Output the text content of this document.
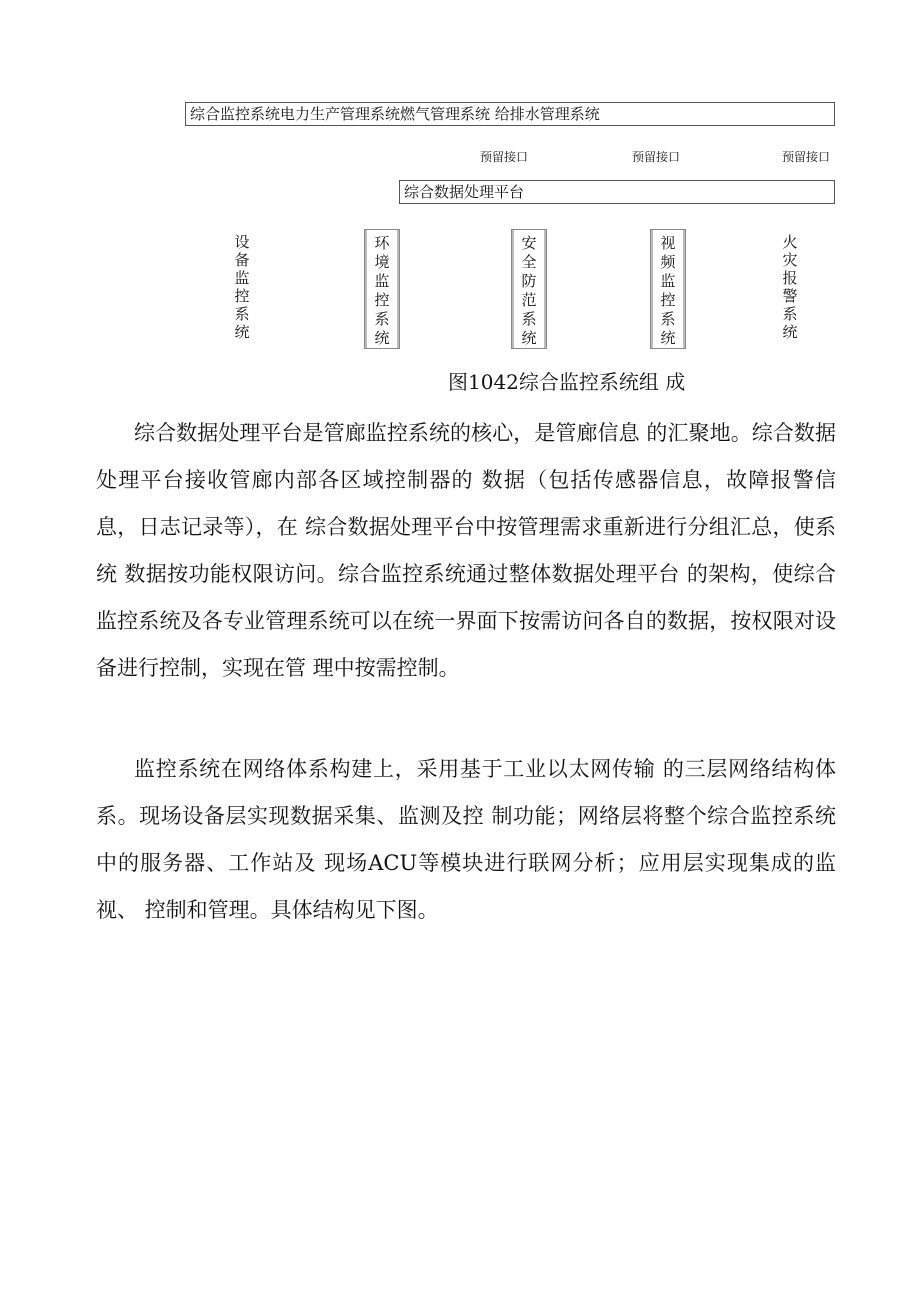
综合监控系统电力生产管理系统燃气管理系统 给排水管理系统
预留接口	预留接口	预留接口
综合数据处理平台
设备监控系统
环境监控系统
安全防范系统
视频监控系统
火灾报警系统
图1042综合监控系统组 成

综合数据处理平台是管廊监控系统的核心，是管廊信息 的汇聚地。综合数据处理平台接收管廊内部各区域控制器的 数据（包括传感器信息，故障报警信息，日志记录等），在 综合数据处理平台中按管理需求重新进行分组汇总，使系统 数据按功能权限访问。综合监控系统通过整体数据处理平台 的架构，使综合监控系统及各专业管理系统可以在统一界面下按需访问各自的数据，按权限对设备进行控制，实现在管 理中按需控制。

监控系统在网络体系构建上，采用基于工业以太网传输 的三层网络结构体系。现场设备层实现数据采集、监测及控 制功能；网络层将整个综合监控系统中的服务器、工作站及 现场ACU等模块进行联网分析；应用层实现集成的监视、 控制和管理。具体结构见下图。
